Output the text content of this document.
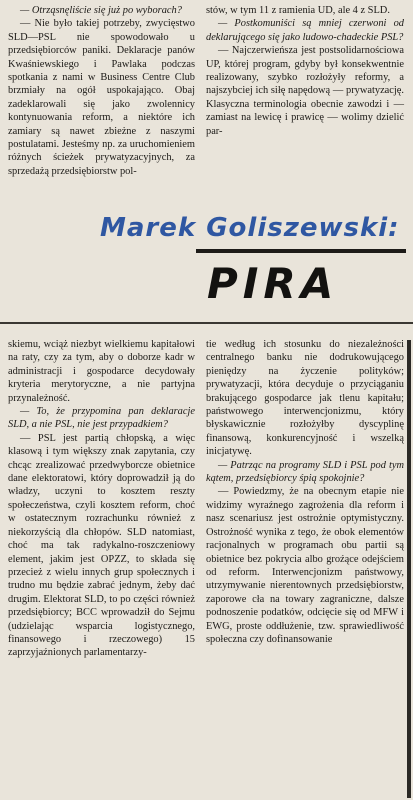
Marek Goliszewski:
PIRA

— Otrząsnęliście się już po wyborach?

— Nie było takiej potrzeby, zwycięstwo SLD—PSL nie spowodowało u przedsiębiorców paniki. Deklaracje panów Kwaśniewskiego i Pawlaka podczas spotkania z nami w Business Centre Club brzmiały na ogół uspokajająco. Obaj zadeklarowali się jako zwolennicy kontynuowania reform, a niektóre ich zamiary są nawet zbieżne z naszymi postulatami. Jesteśmy np. za uruchomieniem różnych ścieżek prywatyzacyjnych, za sprzedażą przedsiębiorstw pol-

stów, w tym 11 z ramienia UD, ale 4 z SLD.

— Postkomuniści są mniej czerwoni od deklarującego się jako ludowo-chadeckie PSL?

— Najczerwieńsza jest postsolidarnościowa UP, której program, gdyby był konsekwentnie realizowany, szybko rozłożyły reformy, a najszybciej ich siłę napędową — prywatyzację. Klasyczna terminologia obecnie zawodzi i — zamiast na lewicę i prawicę — wolimy dzielić par-

skiemu, wciąż niezbyt wielkiemu kapitałowi na raty, czy za tym, aby o doborze kadr w administracji i gospodarce decydowały kryteria merytoryczne, a nie partyjna przynależność.

— To, że przypomina pan deklaracje SLD, a nie PSL, nie jest przypadkiem?

— PSL jest partią chłopską, a więc klasową i tym większy znak zapytania, czy chcąc zrealizować przedwyborcze obietnice dane elektoratowi, który doprowadził ją do władzy, uczyni to kosztem reszty społeczeństwa, czyli kosztem reform, choć w ostatecznym rozrachunku również z niekorzyścią dla chłopów. SLD natomiast, choć ma tak radykalno-roszczeniowy element, jakim jest OPZZ, to składa się przecież z wielu innych grup społecznych i trudno mu będzie zabrać jednym, żeby dać drugim. Elektorat SLD, to po części również przedsiębiorcy; BCC wprowadził do Sejmu (udzielając wsparcia logistycznego, finansowego i rzeczowego) 15 zaprzyjaźnionych parlamentarzy-

tie według ich stosunku do niezależności centralnego banku nie dodrukowującego pieniędzy na życzenie polityków; prywatyzacji, która decyduje o przyciąganiu brakującego gospodarce jak tlenu kapitału; państwowego interwencjonizmu, który błyskawicznie rozłożyłby dyscyplinę finansową, konkurencyjność i wszelką inicjatywę.

— Patrząc na programy SLD i PSL pod tym kątem, przedsiębiorcy śpią spokojnie?

— Powiedzmy, że na obecnym etapie nie widzimy wyraźnego zagrożenia dla reform i nasz scenariusz jest ostrożnie optymistyczny. Ostrożność wynika z tego, że obok elementów racjonalnych w programach obu partii są obietnice bez pokrycia albo groźące odejściem od reform. Interwencjonizm państwowy, utrzymywanie nierentownych przedsiębiorstw, zaporowe cła na towary zagraniczne, dalsze podnoszenie podatków, odcięcie się od MFW i EWG, proste oddłużenie, tzw. sprawiedliwość społeczna czy dofinansowanie
